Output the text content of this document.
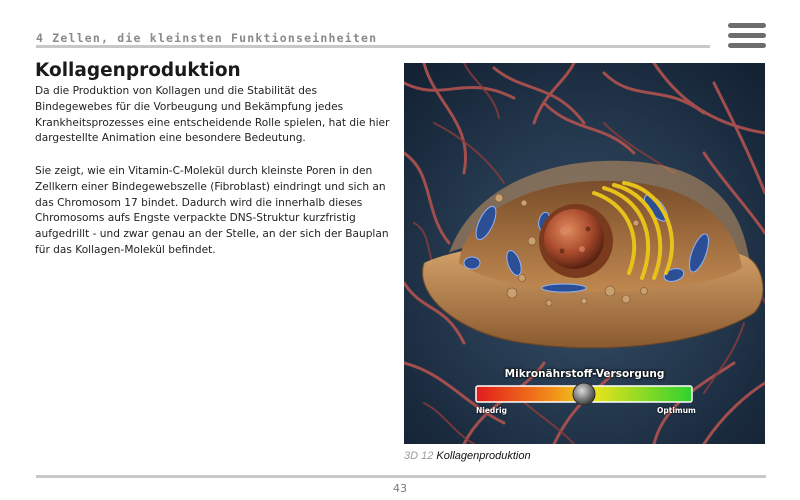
4 Zellen, die kleinsten Funktionseinheiten
Kollagenproduktion

Da die Produktion von Kollagen und die Stabilität des Bindegewebes für die Vorbeugung und Bekämpfung jedes Krankheitsprozesses eine entscheidende Rolle spielen, hat die hier dargestellte Animation eine besondere Bedeutung.

Sie zeigt, wie ein Vitamin-C-Molekül durch kleinste Poren in den Zellkern einer Bindegewebszelle (Fibroblast) eindringt und sich an das Chromosom 17 bindet. Dadurch wird die innerhalb dieses Chromosoms aufs Engste verpackte DNS-Struktur kurzfristig aufgedrillt - und zwar genau an der Stelle, an der sich der Bauplan für das Kollagen-Molekül befindet.

Mikronährstoff-Versorgung
Niedrig	Optimum

3D 12 Kollagenproduktion

43
